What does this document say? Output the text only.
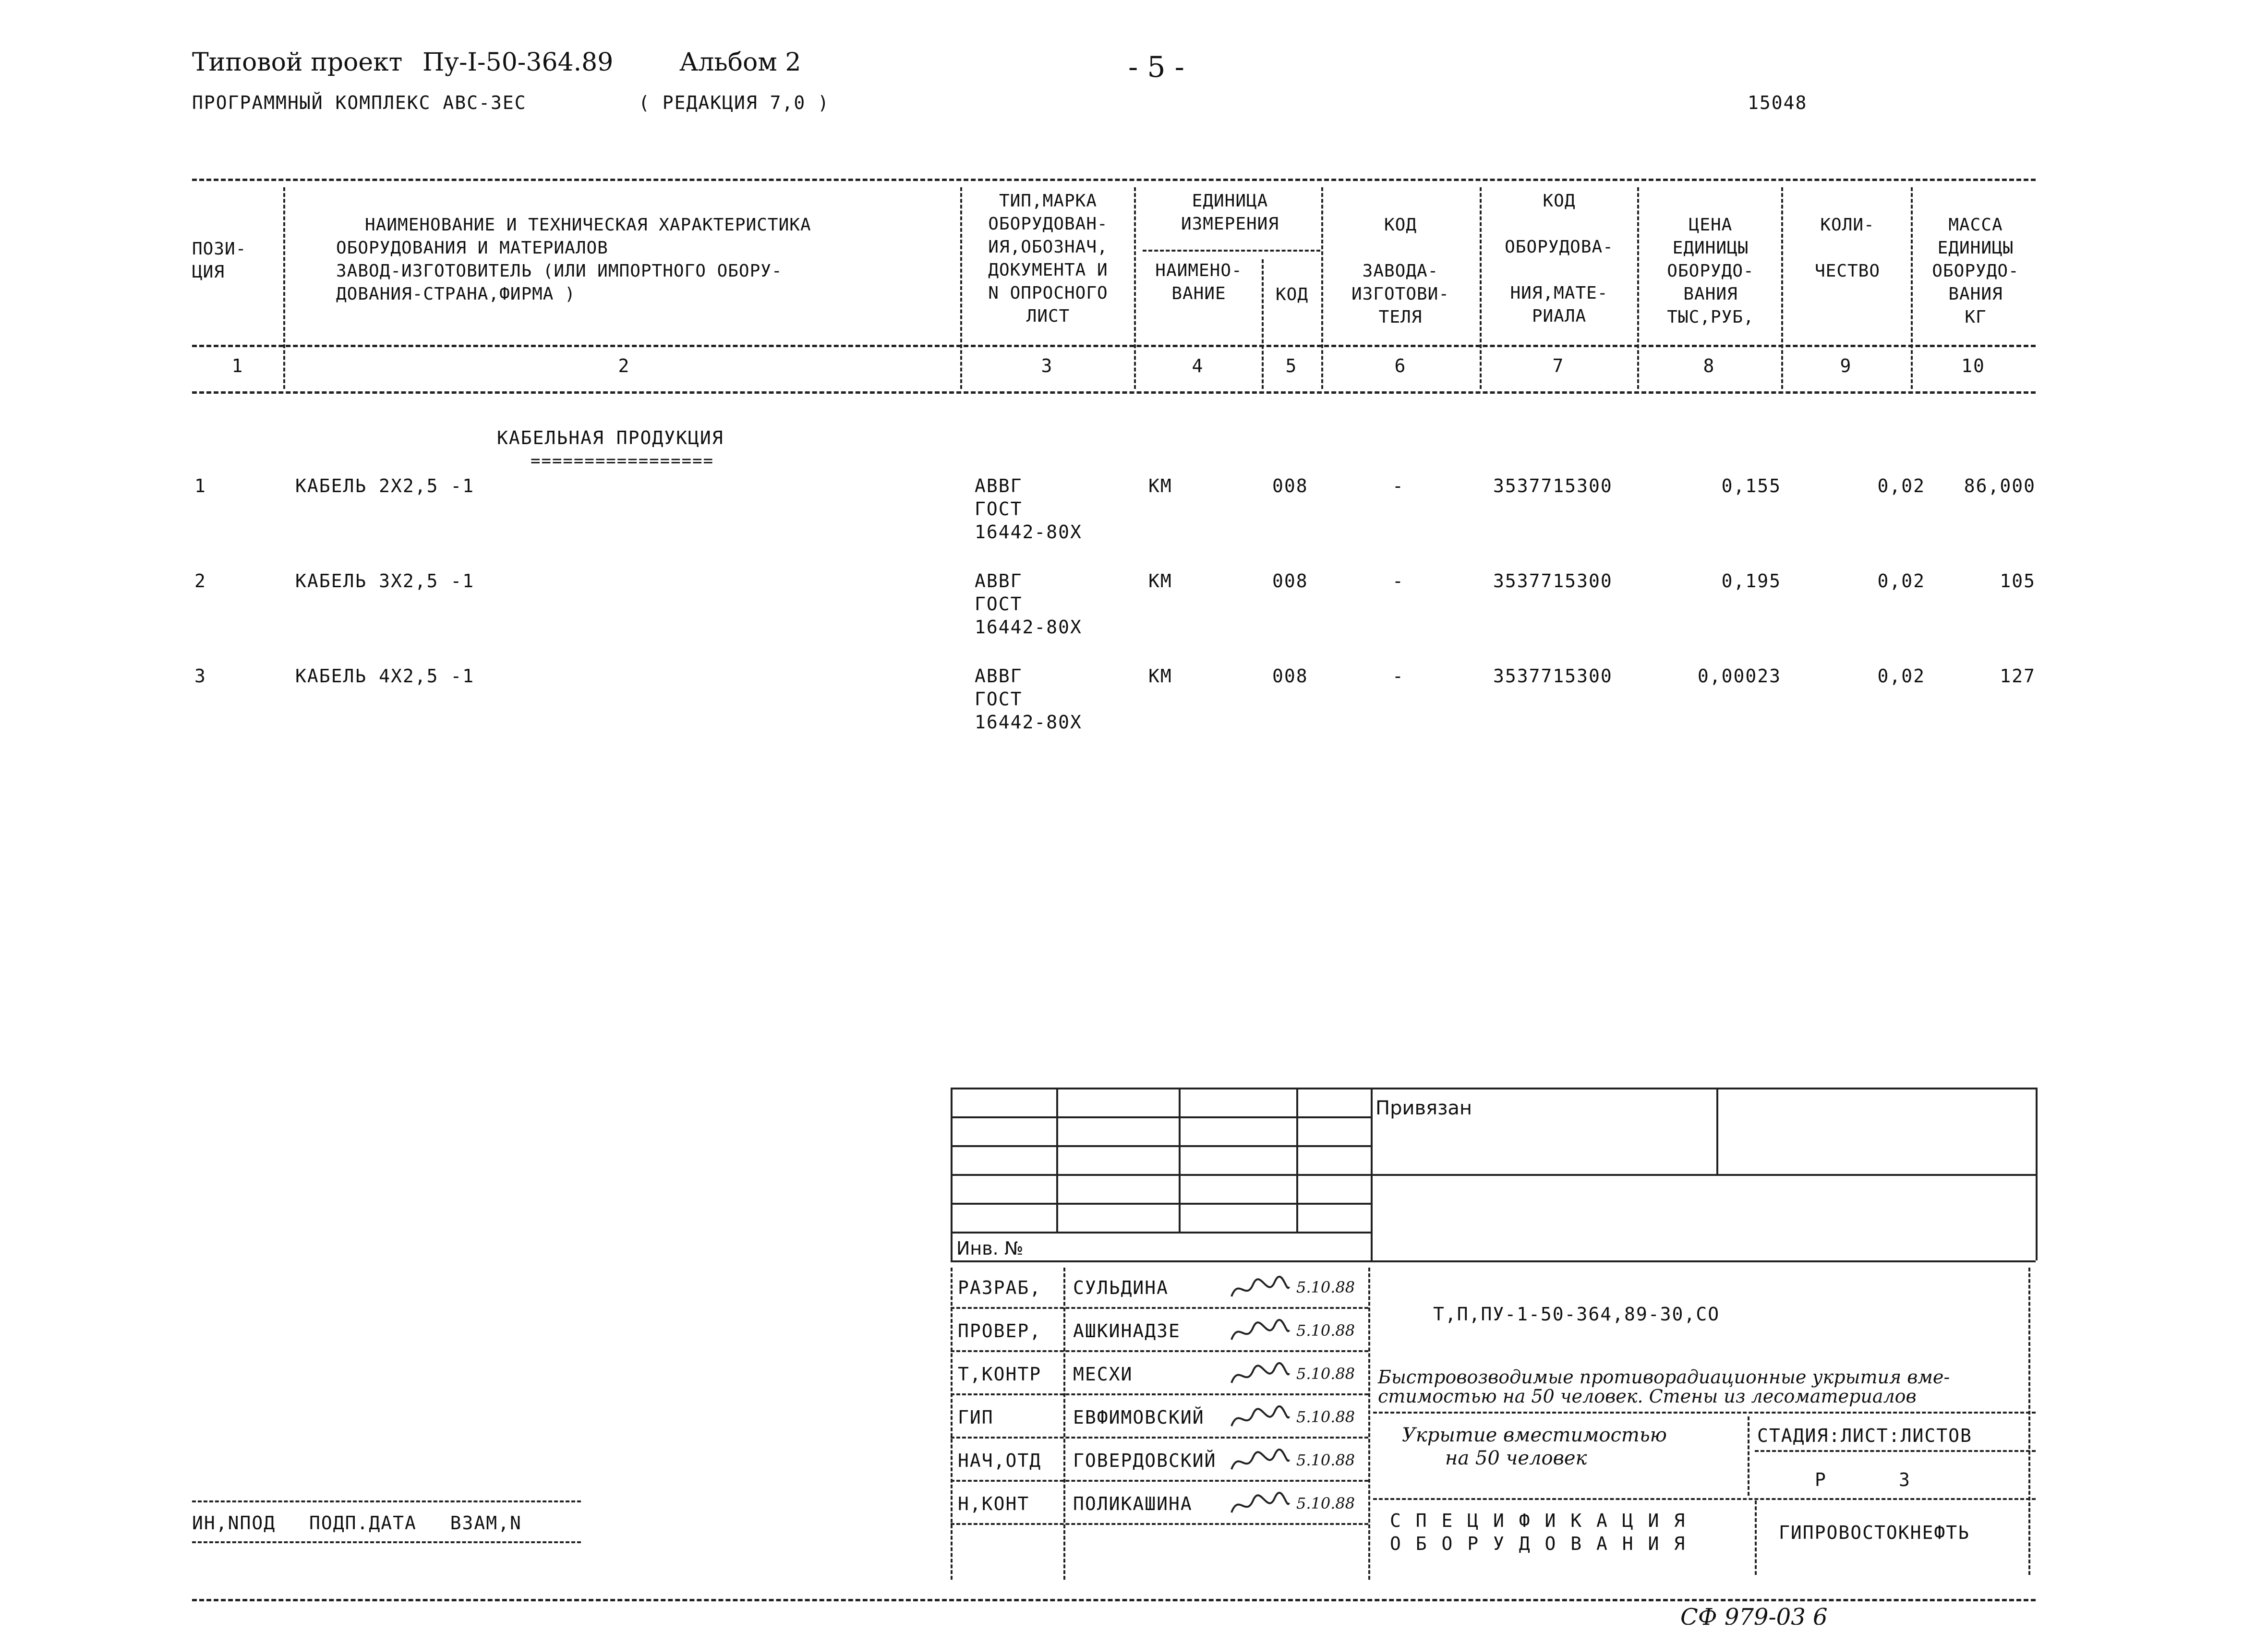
Типовой проект Пу-I-50-364.89	Альбом 2	- 5 -
ПРОГРАММНЫЙ КОМПЛЕКС АВС-3ЕС	( РЕДАКЦИЯ 7,0 )	15048
ПОЗИ-
ЦИЯ
НАИМЕНОВАНИЕ И ТЕХНИЧЕСКАЯ ХАРАКТЕРИСТИКА
ОБОРУДОВАНИЯ И МАТЕРИАЛОВ
ЗАВОД-ИЗГОТОВИТЕЛЬ (ИЛИ ИМПОРТНОГО ОБОРУ-
ДОВАНИЯ-СТРАНА,ФИРМА )
ТИП,МАРКА
ОБОРУДОВАН-
ИЯ,ОБОЗНАЧ,
ДОКУМЕНТА И
N ОПРОСНОГО
ЛИСТ
ЕДИНИЦА
ИЗМЕРЕНИЯ
НАИМЕНО-
ВАНИЕ	КОД
КОД
ЗАВОДА-
ИЗГОТОВИ-
ТЕЛЯ
КОД
ОБОРУДОВА-
НИЯ,МАТЕ-
РИАЛА
ЦЕНА
ЕДИНИЦЫ
ОБОРУДО-
ВАНИЯ
ТЫС,РУБ,
КОЛИ-
ЧЕСТВО
МАССА
ЕДИНИЦЫ
ОБОРУДО-
ВАНИЯ
КГ
1	2	3	4	5	6	7	8	9	10
КАБЕЛЬНАЯ ПРОДУКЦИЯ
=================
1	КАБЕЛЬ 2Х2,5 -1	АВВГ
ГОСТ
16442-80Х
КМ	008	-	3537715300	0,155	0,02	86,000
2	КАБЕЛЬ 3Х2,5 -1	АВВГ
ГОСТ
16442-80Х
КМ	008	-	3537715300	0,195	0,02	105
3	КАБЕЛЬ 4Х2,5 -1	АВВГ
ГОСТ
16442-80Х
КМ	008	-	3537715300	0,00023	0,02	127
ИН,NПОД ПОДП.ДАТА ВЗАМ,N
Привязан
Инв. №
РАЗРАБ, СУЛЬДИНА	5.10.88
ПРОВЕР, АШКИНАДЗЕ	5.10.88
Т,КОНТР МЕСХИ	5.10.88
ГИП	ЕВФИМОВСКИЙ	5.10.88
НАЧ,ОТД ГОВЕРДОВСКИЙ	5.10.88
Н,КОНТ ПОЛИКАШИНА	5.10.88
Т,П,ПУ-1-50-364,89-30,СО
Быстровозводимые противорадиационные укрытия вме-
стимостью на 50 человек. Стены из лесоматериалов
Укрытие вместимостью
на 50 человек
СТАДИЯ:ЛИСТ:ЛИСТОВ
Р	3
С П Е Ц И Ф И К А Ц И Я
О Б О Р У Д О В А Н И Я
ГИПРОВОСТОКНЕФТЬ
СФ 979-03 6
